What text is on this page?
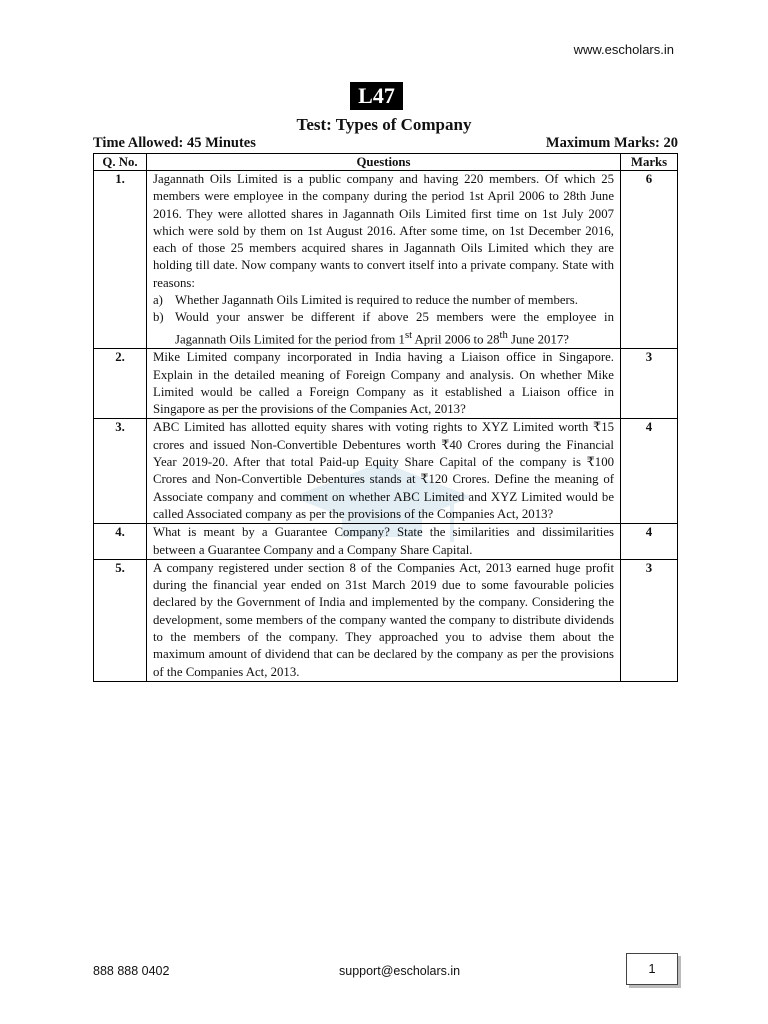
www.escholars.in
L47
Test: Types of Company
Time Allowed: 45 Minutes	Maximum Marks: 20
Q. No.	Questions	Marks
1.	Jagannath Oils Limited is a public company and having 220 members. Of which 25 members were employee in the company during the period 1st April 2006 to 28th June 2016. They were allotted shares in Jagannath Oils Limited first time on 1st July 2007 which were sold by them on 1st August 2016. After some time, on 1st December 2016, each of those 25 members acquired shares in Jagannath Oils Limited which they are holding till date. Now company wants to convert itself into a private company. State with reasons:
a) Whether Jagannath Oils Limited is required to reduce the number of members.
b) Would your answer be different if above 25 members were the employee in Jagannath Oils Limited for the period from 1st April 2006 to 28th June 2017?	6
2.	Mike Limited company incorporated in India having a Liaison office in Singapore. Explain in the detailed meaning of Foreign Company and analysis. On whether Mike Limited would be called a Foreign Company as it established a Liaison office in Singapore as per the provisions of the Companies Act, 2013?	3
3.	ABC Limited has allotted equity shares with voting rights to XYZ Limited worth ₹15 crores and issued Non-Convertible Debentures worth ₹40 Crores during the Financial Year 2019-20. After that total Paid-up Equity Share Capital of the company is ₹100 Crores and Non-Convertible Debentures stands at ₹120 Crores. Define the meaning of Associate company and comment on whether ABC Limited and XYZ Limited would be called Associated company as per the provisions of the Companies Act, 2013?	4
4.	What is meant by a Guarantee Company? State the similarities and dissimilarities between a Guarantee Company and a Company Share Capital.	4
5.	A company registered under section 8 of the Companies Act, 2013 earned huge profit during the financial year ended on 31st March 2019 due to some favourable policies declared by the Government of India and implemented by the company. Considering the development, some members of the company wanted the company to distribute dividends to the members of the company. They approached you to advise them about the maximum amount of dividend that can be declared by the company as per the provisions of the Companies Act, 2013.	3
888 888 0402	support@escholars.in	1
